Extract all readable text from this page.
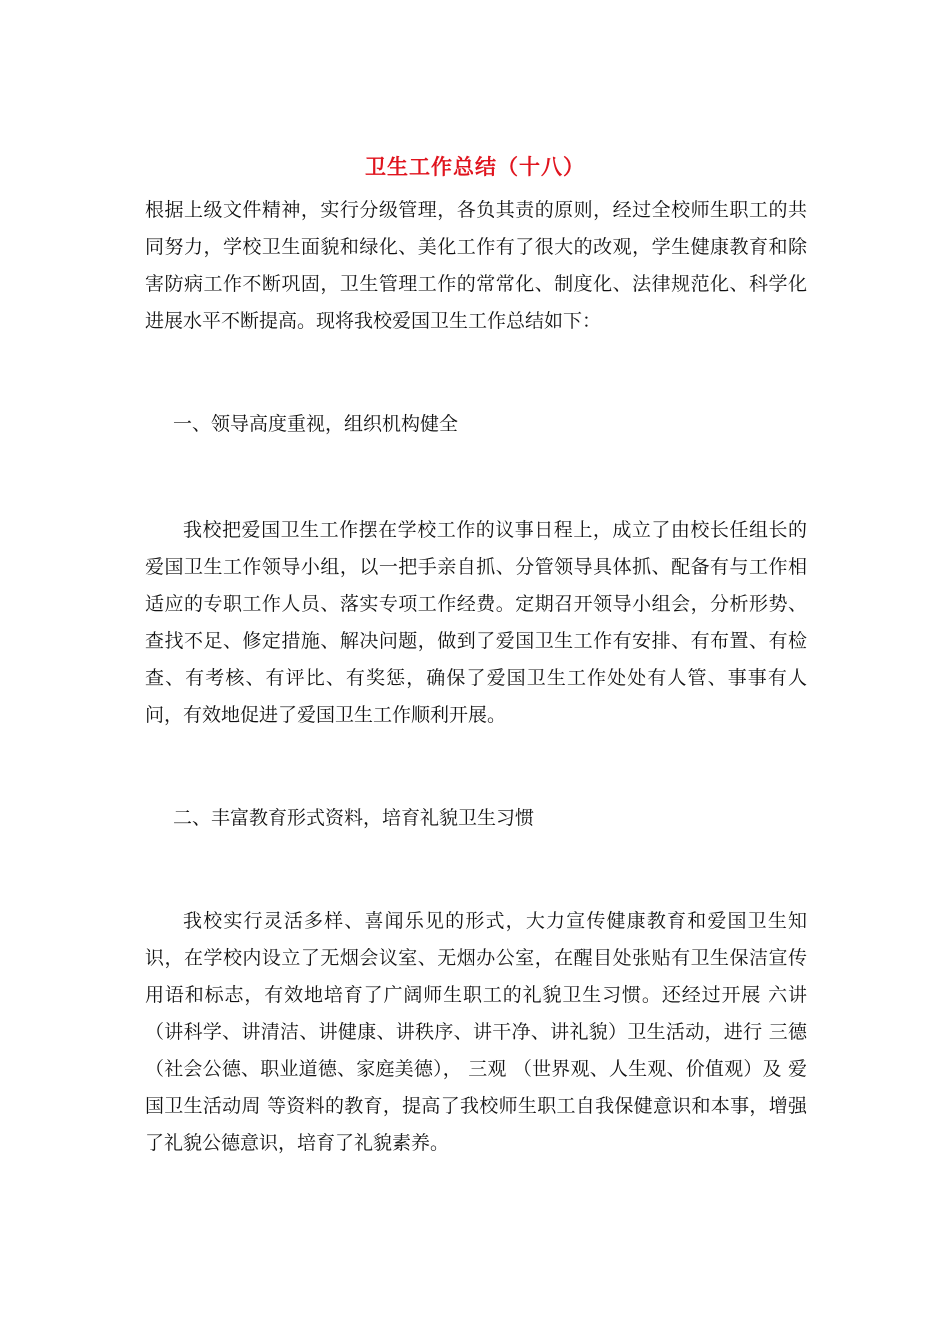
卫生工作总结（十八）

根据上级文件精神，实行分级管理，各负其责的原则，经过全校师生职工的共同努力，学校卫生面貌和绿化、美化工作有了很大的改观，学生健康教育和除害防病工作不断巩固，卫生管理工作的常常化、制度化、法律规范化、科学化进展水平不断提高。现将我校爱国卫生工作总结如下：

一、领导高度重视，组织机构健全

我校把爱国卫生工作摆在学校工作的议事日程上，成立了由校长任组长的爱国卫生工作领导小组，以一把手亲自抓、分管领导具体抓、配备有与工作相适应的专职工作人员、落实专项工作经费。定期召开领导小组会，分析形势、查找不足、修定措施、解决问题，做到了爱国卫生工作有安排、有布置、有检查、有考核、有评比、有奖惩，确保了爱国卫生工作处处有人管、事事有人问，有效地促进了爱国卫生工作顺利开展。

二、丰富教育形式资料，培育礼貌卫生习惯

我校实行灵活多样、喜闻乐见的形式，大力宣传健康教育和爱国卫生知识，在学校内设立了无烟会议室、无烟办公室，在醒目处张贴有卫生保洁宣传用语和标志，有效地培育了广阔师生职工的礼貌卫生习惯。还经过开展 六讲 （讲科学、讲清洁、讲健康、讲秩序、讲干净、讲礼貌）卫生活动，进行 三德 （社会公德、职业道德、家庭美德）， 三观 （世界观、人生观、价值观）及 爱国卫生活动周 等资料的教育，提高了我校师生职工自我保健意识和本事，增强了礼貌公德意识，培育了礼貌素养。
